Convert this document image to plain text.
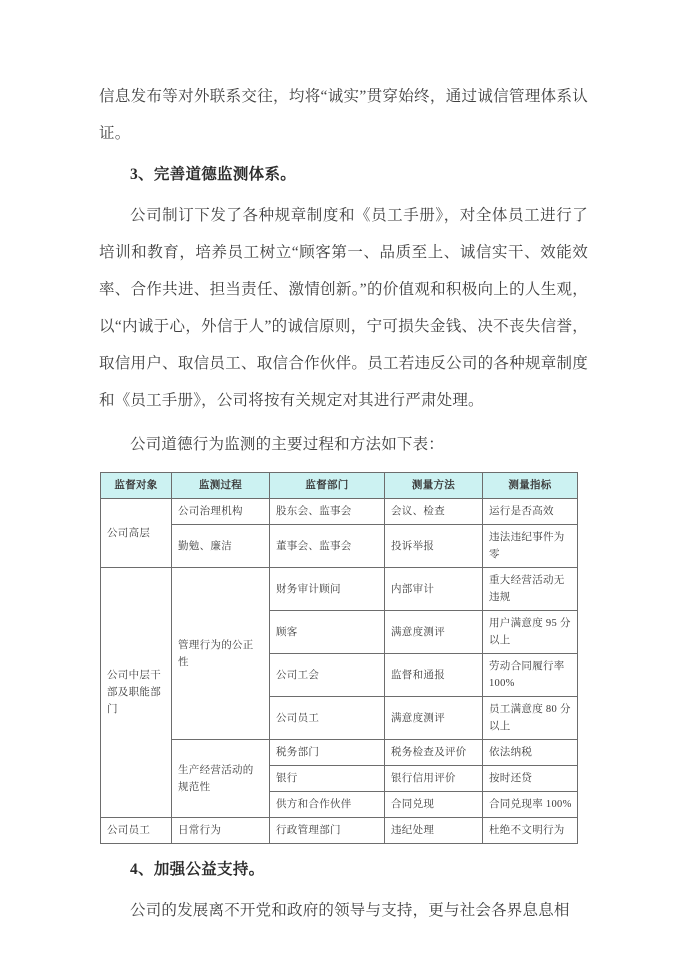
信息发布等对外联系交往，均将“诚实”贯穿始终，通过诚信管理体系认证。

3、完善道德监测体系。

公司制订下发了各种规章制度和《员工手册》，对全体员工进行了培训和教育，培养员工树立“顾客第一、品质至上、诚信实干、效能效率、合作共进、担当责任、激情创新。”的价值观和积极向上的人生观，以“内诚于心，外信于人”的诚信原则，宁可损失金钱、决不丧失信誉，取信用户、取信员工、取信合作伙伴。员工若违反公司的各种规章制度和《员工手册》，公司将按有关规定对其进行严肃处理。

公司道德行为监测的主要过程和方法如下表：

监督对象	监测过程	监督部门	测量方法	测量指标
公司高层	公司治理机构	股东会、监事会	会议、检查	运行是否高效
	勤勉、廉洁	董事会、监事会	投诉举报	违法违纪事件为零
公司中层干部及职能部门	管理行为的公正性	财务审计顾问	内部审计	重大经营活动无违规
		顾客	满意度测评	用户满意度 95 分以上
		公司工会	监督和通报	劳动合同履行率 100%
		公司员工	满意度测评	员工满意度 80 分以上
	生产经营活动的规范性	税务部门	税务检查及评价	依法纳税
		银行	银行信用评价	按时还贷
		供方和合作伙伴	合同兑现	合同兑现率 100%
公司员工	日常行为	行政管理部门	违纪处理	杜绝不文明行为

4、加强公益支持。

公司的发展离不开党和政府的领导与支持，更与社会各界息息相
